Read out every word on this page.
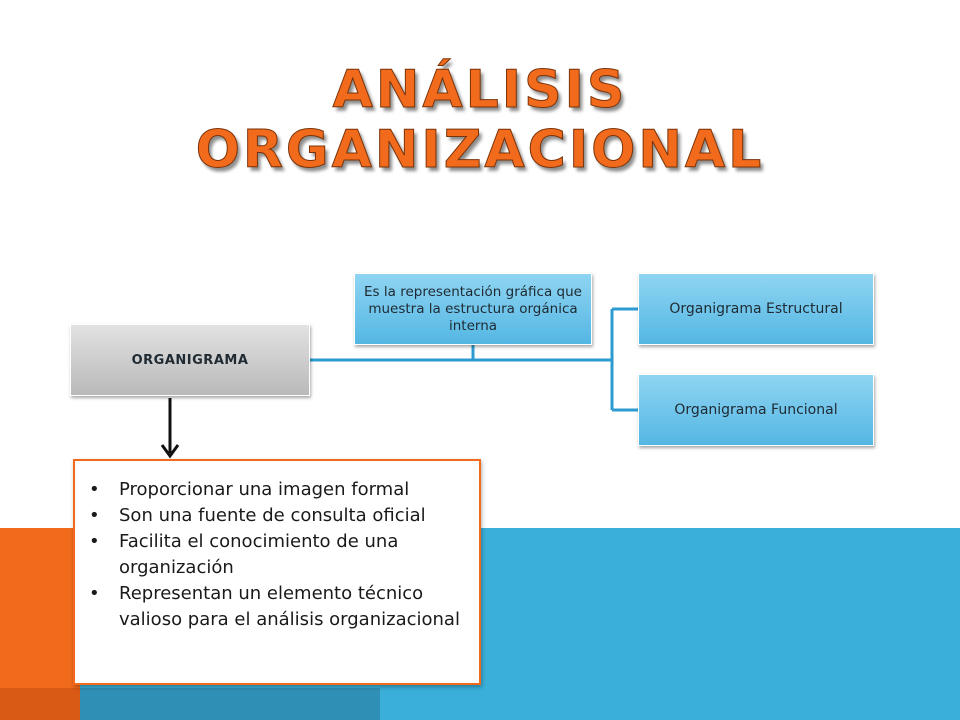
ANÁLISIS ORGANIZACIONAL
ORGANIGRAMA
Es la representación gráfica que muestra la estructura orgánica interna
Organigrama Estructural
Organigrama Funcional
• Proporcionar una imagen formal
• Son una fuente de consulta oficial
• Facilita el conocimiento de una organización
• Representan un elemento técnico valioso para el análisis organizacional
